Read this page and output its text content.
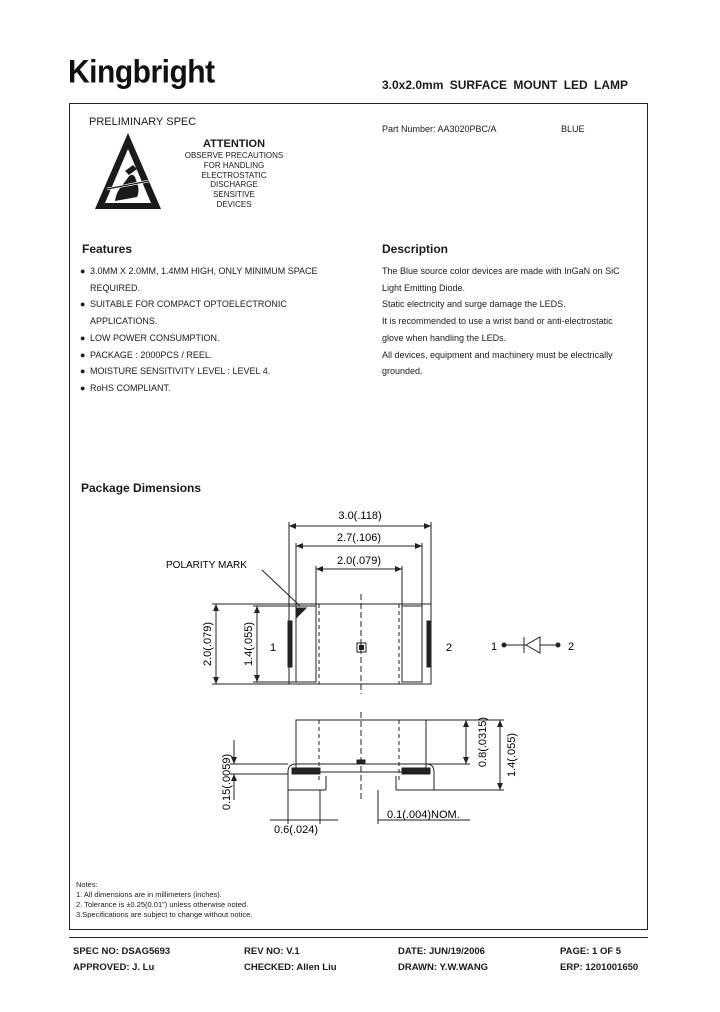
Kingbright	3.0x2.0mm SURFACE MOUNT LED LAMP
PRELIMINARY SPEC
Part Number: AA3020PBC/A	BLUE
ATTENTION
OBSERVE PRECAUTIONS
FOR HANDLING
ELECTROSTATIC
DISCHARGE
SENSITIVE
DEVICES
Features
● 3.0MM X 2.0MM, 1.4MM HIGH, ONLY MINIMUM SPACE REQUIRED.
● SUITABLE FOR COMPACT OPTOELECTRONIC APPLICATIONS.
● LOW POWER CONSUMPTION.
● PACKAGE : 2000PCS / REEL.
● MOISTURE SENSITIVITY LEVEL : LEVEL 4.
● RoHS COMPLIANT.
Description
The Blue source color devices are made with InGaN on SiC
Light Emitting Diode.
Static electricity and surge damage the LEDS.
It is recommended to use a wrist band or anti-electrostatic
glove when handling the LEDs.
All devices, equipment and machinery must be electrically
grounded.
Package Dimensions
3.0(.118)
2.7(.106)
2.0(.079)
POLARITY MARK
2.0(.079)	1.4(.055) 1	2	1	2
1.4(.055)
0.8(.0315)
0.15(.0059)
0.6(.024)
0.1(.004)NOM.
Notes:
1. All dimensions are in millimeters (inches).
2. Tolerance is ±0.25(0.01") unless otherwise noted.
3.Specifications are subject to change without notice.
SPEC NO: DSAG5693	REV NO: V.1	DATE: JUN/19/2006	PAGE: 1 OF 5
APPROVED: J. Lu	CHECKED: Allen Liu	DRAWN: Y.W.WANG	ERP: 1201001650
